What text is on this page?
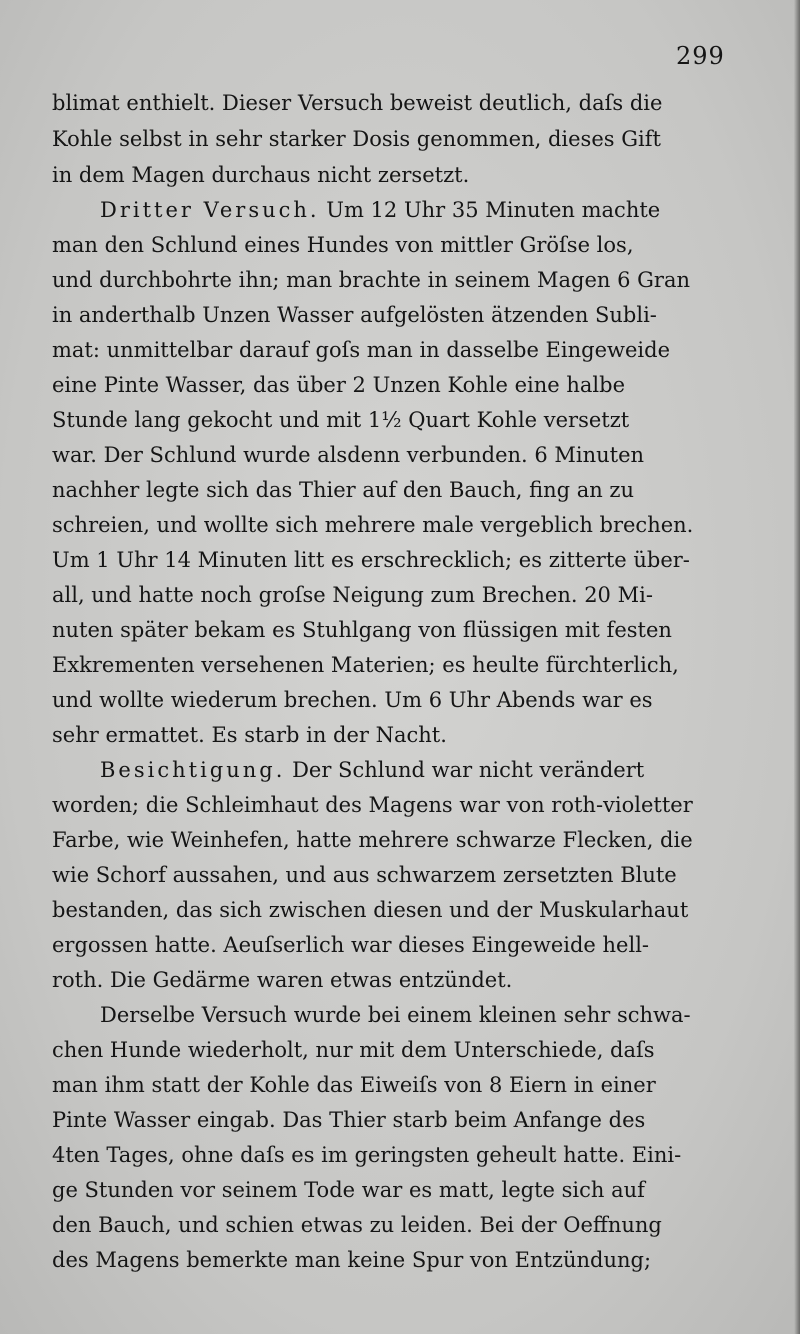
299
blimat enthielt. Dieser Versuch beweist deutlich, daſs die
Kohle selbst in sehr starker Dosis genommen, dieses Gift
in dem Magen durchaus nicht zersetzt.
Dritter Versuch. Um 12 Uhr 35 Minuten machte
man den Schlund eines Hundes von mittler Gröſse los,
und durchbohrte ihn; man brachte in seinem Magen 6 Gran
in anderthalb Unzen Wasser aufgelösten ätzenden Subli-
mat: unmittelbar darauf goſs man in dasselbe Eingeweide
eine Pinte Wasser, das über 2 Unzen Kohle eine halbe
Stunde lang gekocht und mit 1½ Quart Kohle versetzt
war. Der Schlund wurde alsdenn verbunden. 6 Minuten
nachher legte sich das Thier auf den Bauch, fing an zu
schreien, und wollte sich mehrere male vergeblich brechen.
Um 1 Uhr 14 Minuten litt es erschrecklich; es zitterte über-
all, und hatte noch groſse Neigung zum Brechen. 20 Mi-
nuten später bekam es Stuhlgang von flüssigen mit festen
Exkrementen versehenen Materien; es heulte fürchterlich,
und wollte wiederum brechen. Um 6 Uhr Abends war es
sehr ermattet. Es starb in der Nacht.
Besichtigung. Der Schlund war nicht verändert
worden; die Schleimhaut des Magens war von roth-violetter
Farbe, wie Weinhefen, hatte mehrere schwarze Flecken, die
wie Schorf aussahen, und aus schwarzem zersetzten Blute
bestanden, das sich zwischen diesen und der Muskularhaut
ergossen hatte. Aeuſserlich war dieses Eingeweide hell-
roth. Die Gedärme waren etwas entzündet.
Derselbe Versuch wurde bei einem kleinen sehr schwa-
chen Hunde wiederholt, nur mit dem Unterschiede, daſs
man ihm statt der Kohle das Eiweiſs von 8 Eiern in einer
Pinte Wasser eingab. Das Thier starb beim Anfange des
4ten Tages, ohne daſs es im geringsten geheult hatte. Eini-
ge Stunden vor seinem Tode war es matt, legte sich auf
den Bauch, und schien etwas zu leiden. Bei der Oeffnung
des Magens bemerkte man keine Spur von Entzündung;
